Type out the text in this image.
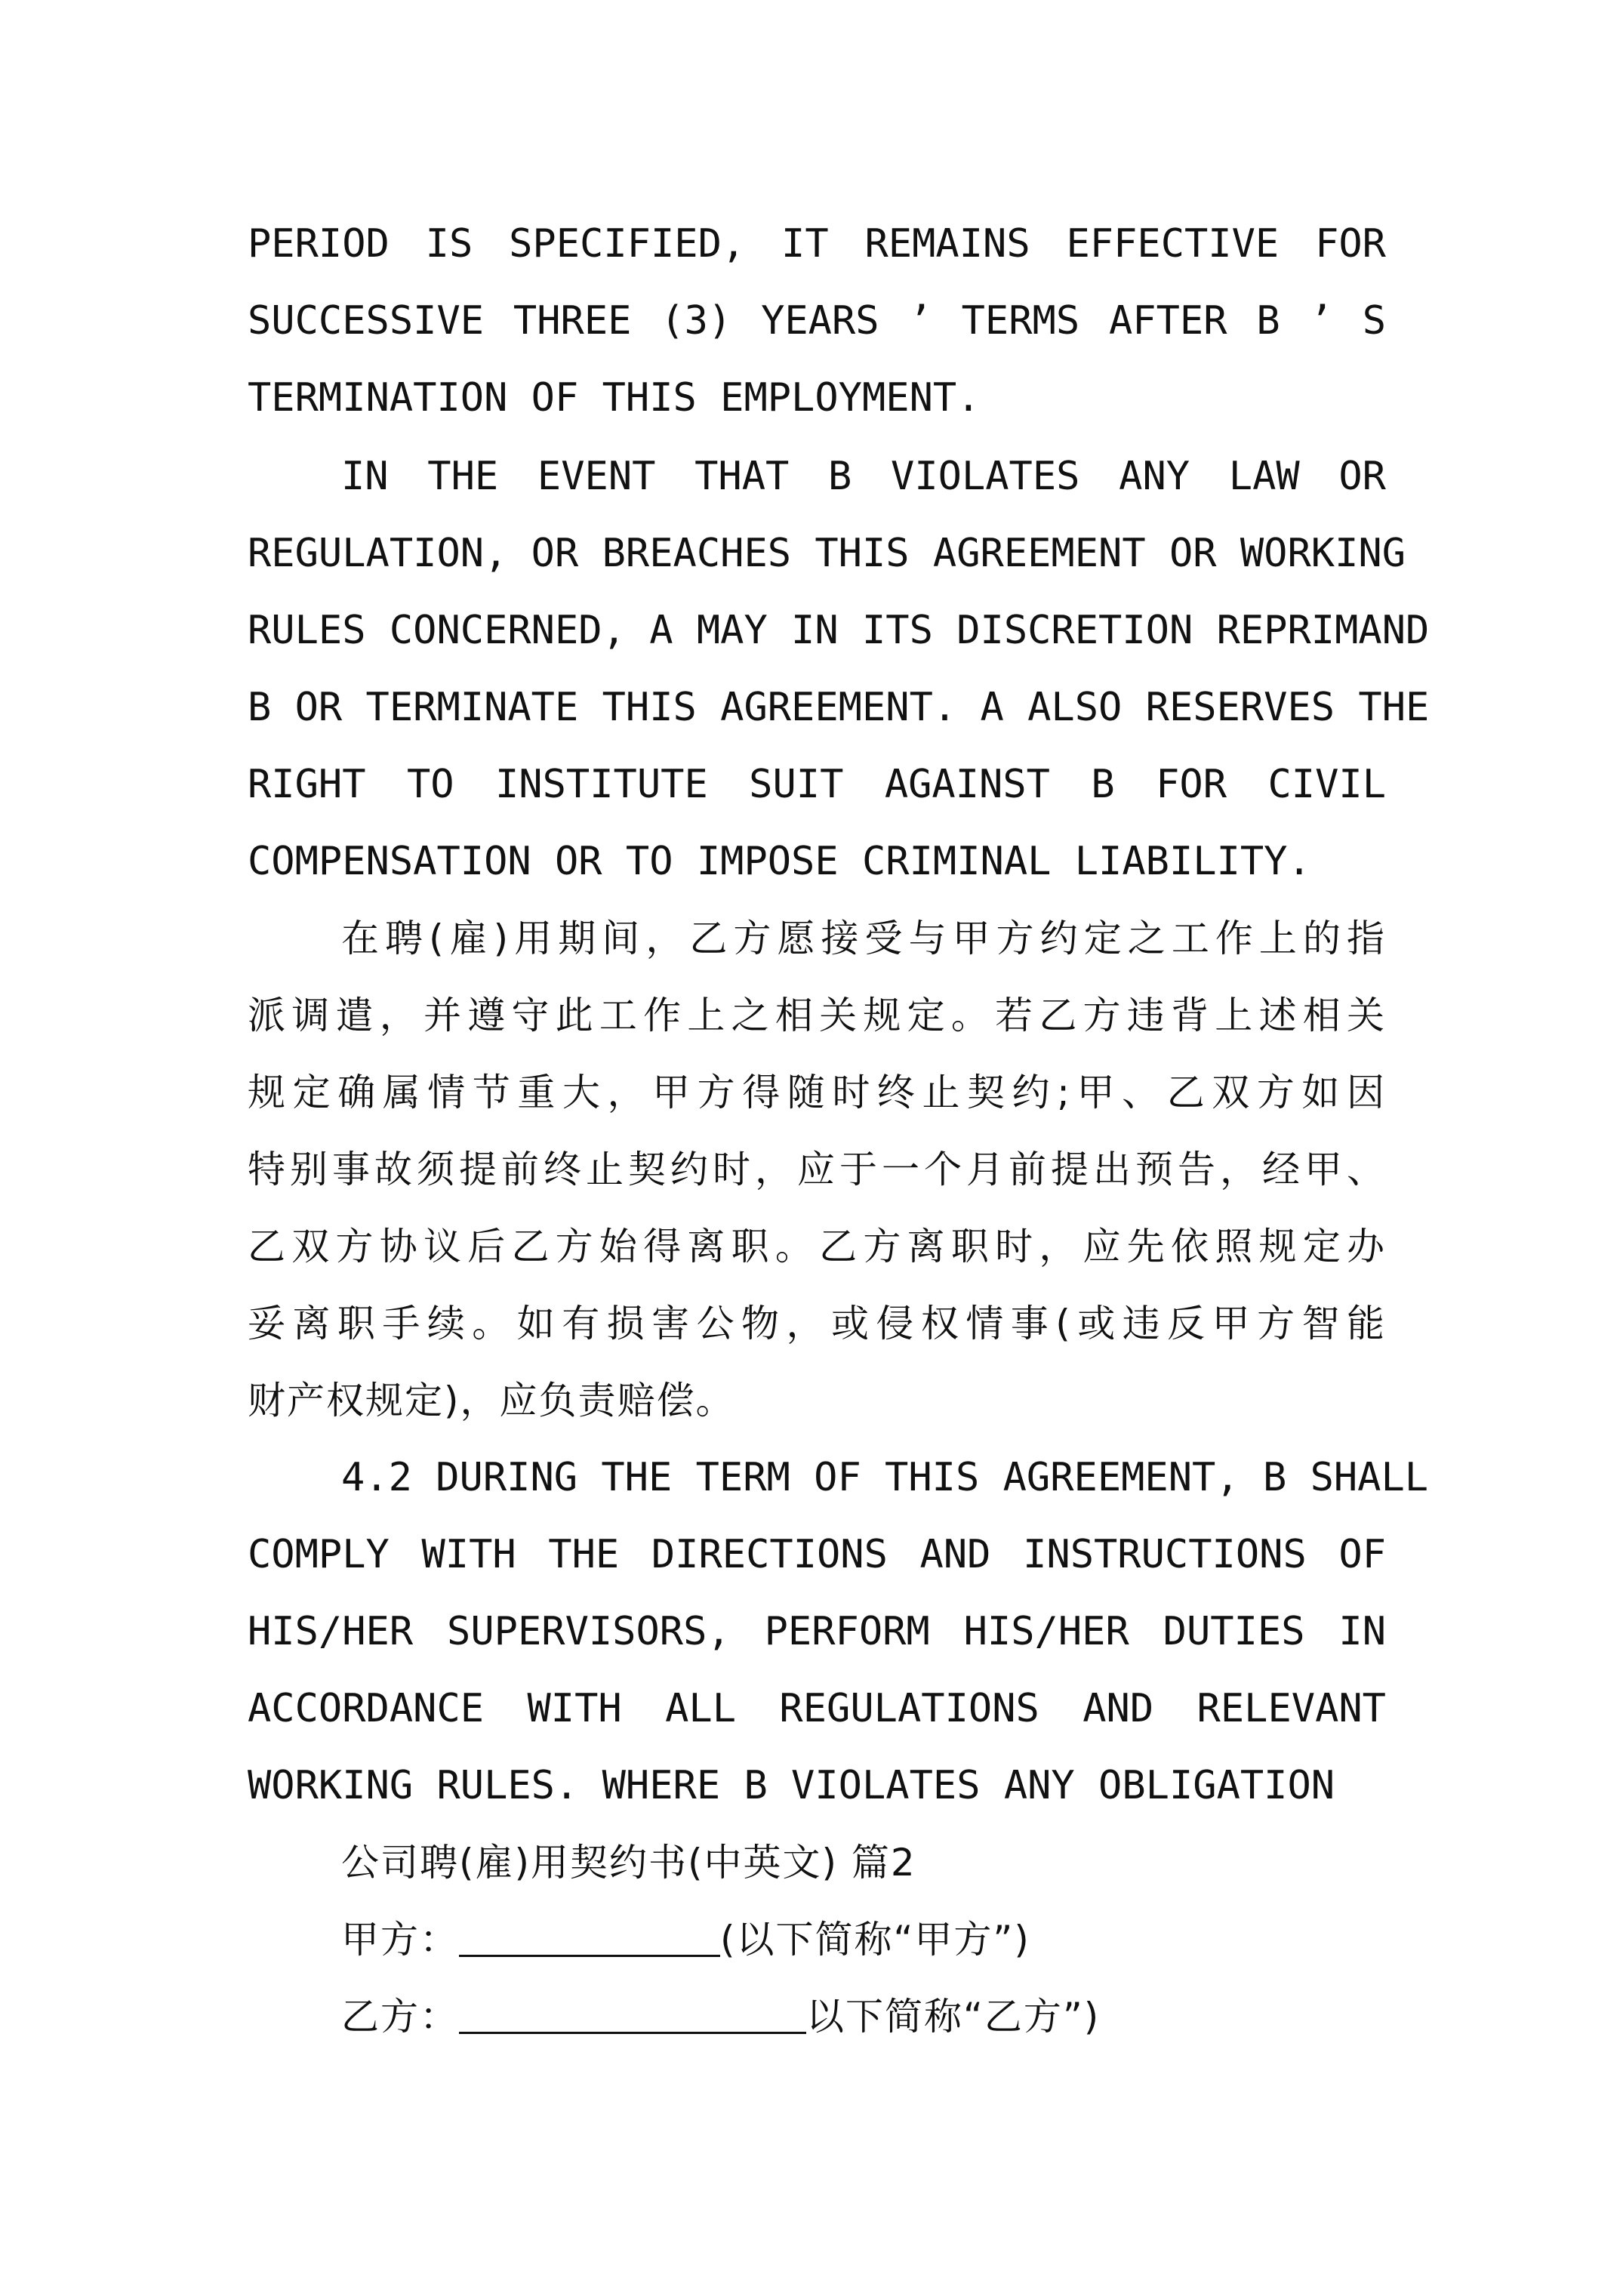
PERIOD IS SPECIFIED, IT REMAINS EFFECTIVE FOR
SUCCESSIVE THREE (3) YEARS ’ TERMS AFTER B ’ S
TERMINATION OF THIS EMPLOYMENT.
IN THE EVENT THAT B VIOLATES ANY LAW OR
REGULATION, OR BREACHES THIS AGREEMENT OR WORKING
RULES CONCERNED, A MAY IN ITS DISCRETION REPRIMAND
B OR TERMINATE THIS AGREEMENT. A ALSO RESERVES THE
RIGHT TO INSTITUTE SUIT AGAINST B FOR CIVIL
COMPENSATION OR TO IMPOSE CRIMINAL LIABILITY.
在聘(雇)用期间，乙方愿接受与甲方约定之工作上的指
派调遣，并遵守此工作上之相关规定。若乙方违背上述相关
规定确属情节重大，甲方得随时终止契约;甲、乙双方如因
特别事故须提前终止契约时，应于一个月前提出预告，经甲、
乙双方协议后乙方始得离职。乙方离职时，应先依照规定办
妥离职手续。如有损害公物，或侵权情事(或违反甲方智能
财产权规定)，应负责赔偿。
4.2 DURING THE TERM OF THIS AGREEMENT, B SHALL
COMPLY WITH THE DIRECTIONS AND INSTRUCTIONS OF
HIS/HER SUPERVISORS, PERFORM HIS/HER DUTIES IN
ACCORDANCE WITH ALL REGULATIONS AND RELEVANT
WORKING RULES. WHERE B VIOLATES ANY OBLIGATION
公司聘(雇)用契约书(中英文) 篇2
甲方：	(以下简称“甲方”)
乙方：	以下简称“乙方”)
